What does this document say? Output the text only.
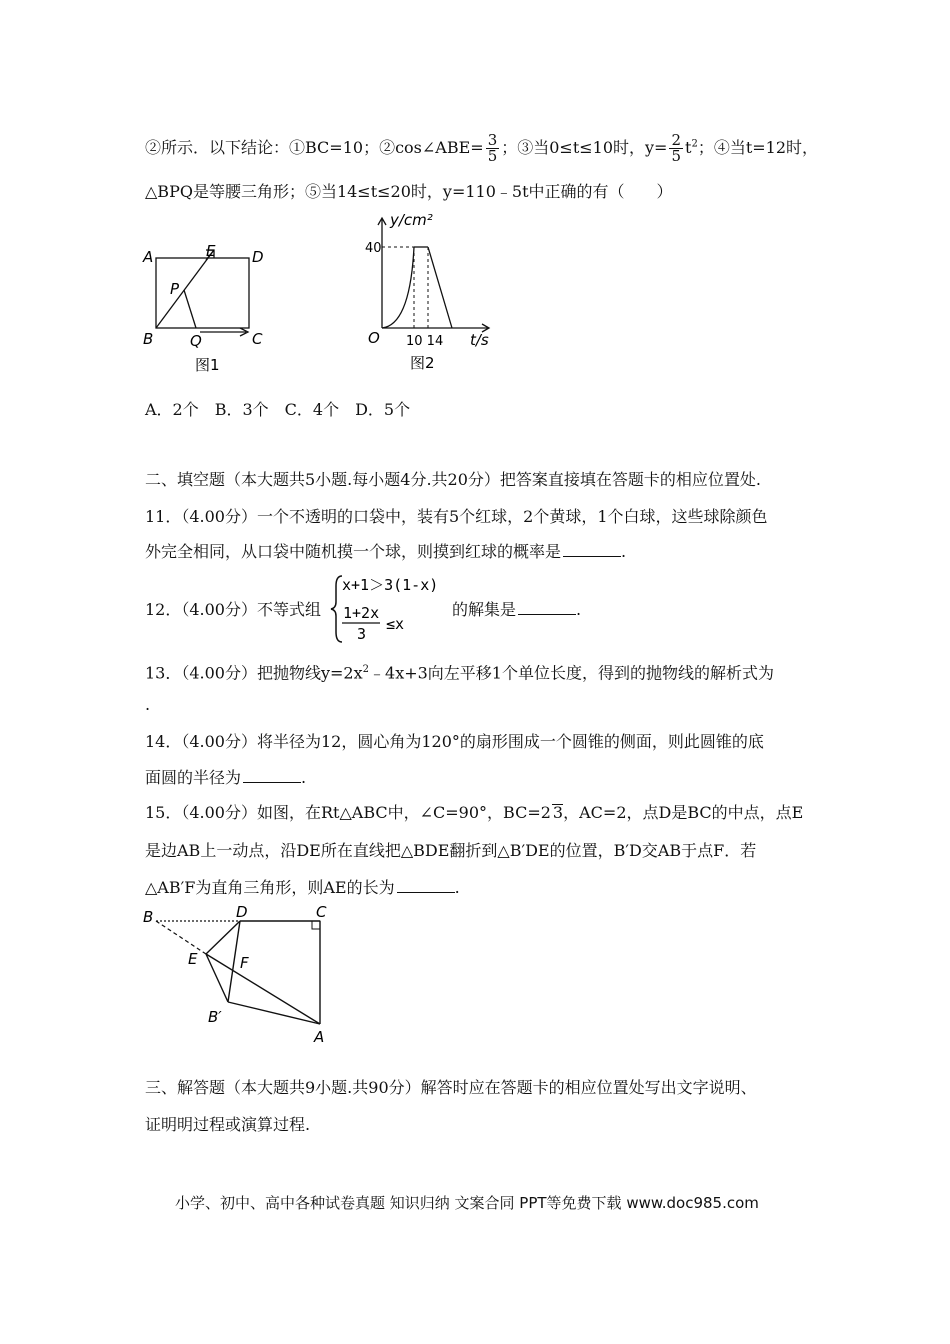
②所示．以下结论：①BC=10；②cos∠ABE= $\frac{3}{5}$ ；③当0≤t≤10时，$y= \frac{2}{5} t^2$；④当t=12时，
△BPQ是等腰三角形；⑤当14≤t≤20时，y=110﹣5t中正确的有（　　）
A	E D
P
B Q	C
图1
y/cm²
40
O 10 14 t/s
图2
A．2个　B．3个　C．4个　D．5个
二、填空题（本大题共5小题.每小题4分.共20分）把答案直接填在答题卡的相应位置处.
11．（4.00分）一个不透明的口袋中，装有5个红球，2个黄球，1个白球，这些球除颜色
外完全相同，从口袋中随机摸一个球，则摸到红球的概率是	.
12．（4.00分）不等式组
x+1＞3(1-x)
1+2x
3
≤x
的解集是	.
13．（4.00分）把抛物线$y=2x^2﹣4x+3$向左平移1个单位长度，得到的抛物线的解析式为
.
14．（4.00分）将半径为12，圆心角为120°的扇形围成一个圆锥的侧面，则此圆锥的底
面圆的半径为	.
15．（4.00分）如图，在Rt△ABC中，∠C=90°，BC=2 3，AC=2，点D是BC的中点，点E
是边AB上一动点，沿DE所在直线把△BDE翻折到△B′DE的位置，B′D交AB于点F．若
△AB′F为直角三角形，则AE的长为	.
B	D	C
E	F
B′
A
三、解答题（本大题共9小题.共90分）解答时应在答题卡的相应位置处写出文字说明、
证明明过程或演算过程.
小学、初中、高中各种试卷真题 知识归纳 文案合同 PPT等免费下载 www.doc985.com
